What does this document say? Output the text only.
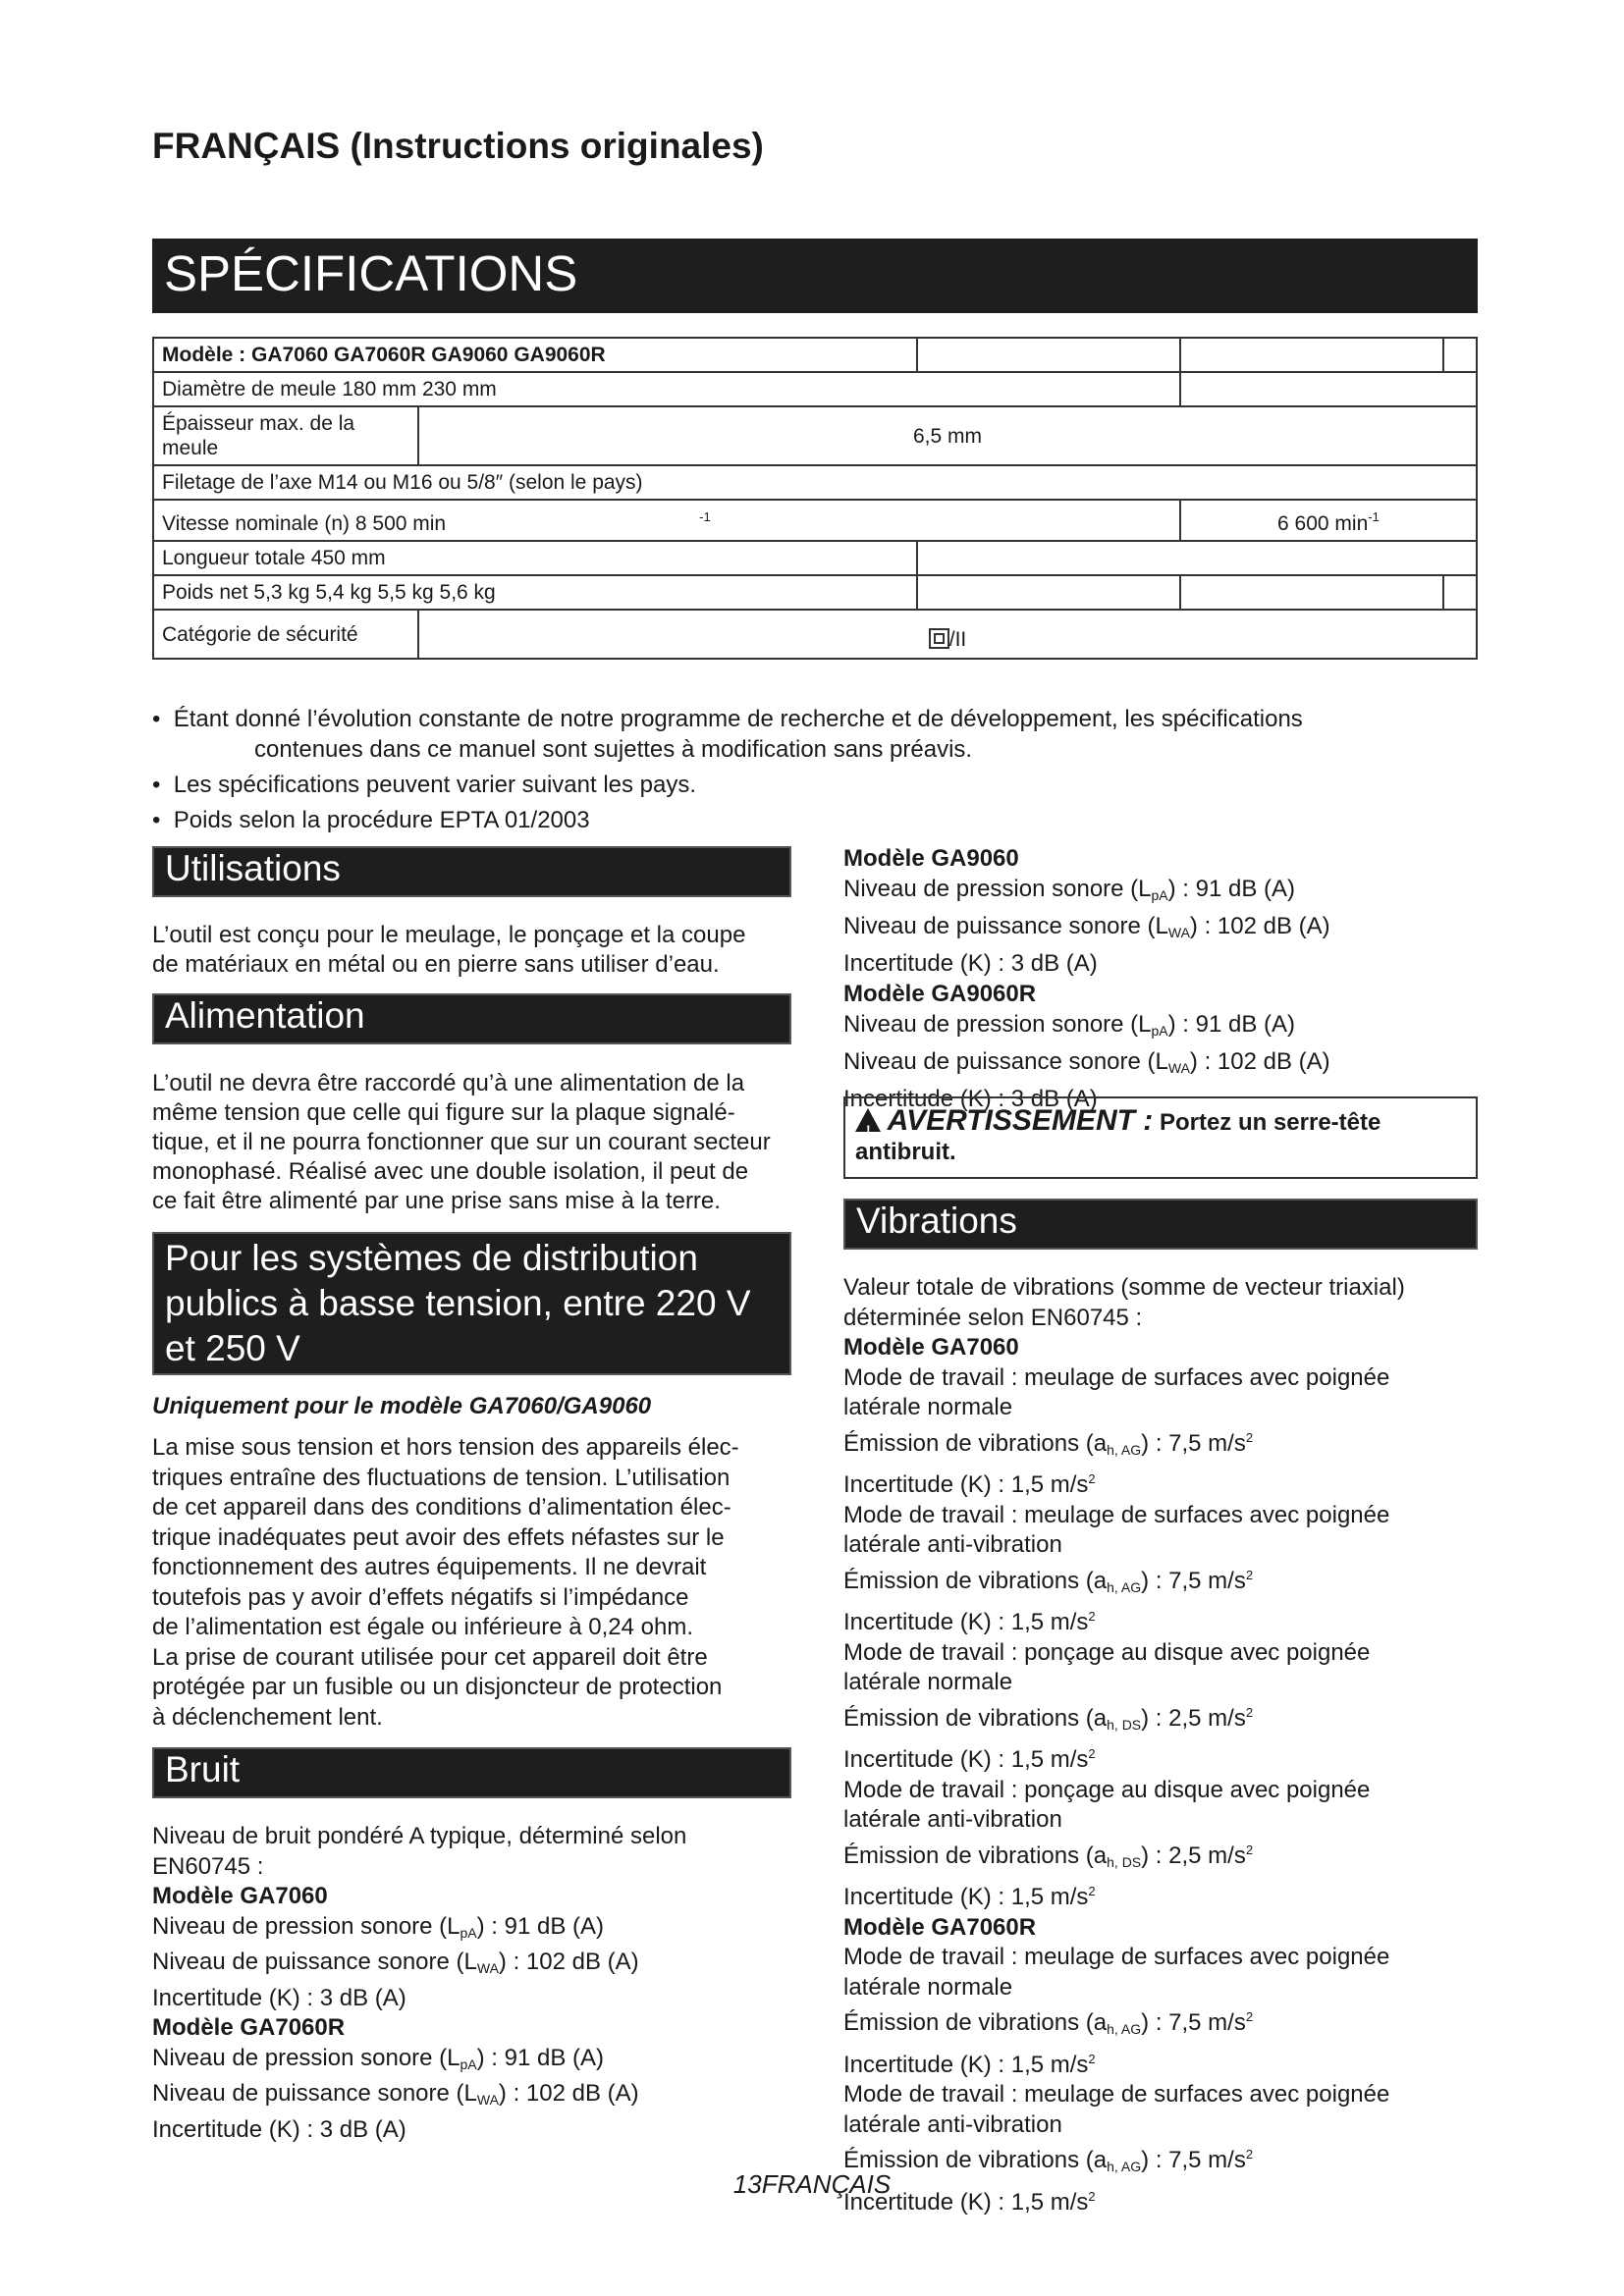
FRANÇAIS (Instructions originales)
SPÉCIFICATIONS
Modèle : GA7060 GA7060R GA9060 GA9060R				
Diamètre de meule 180 mm 230 mm				
Épaisseur max. de la meule	6,5 mm			
Filetage de l’axe M14 ou M16 ou 5/8″ (selon le pays)				
Vitesse nominale (n) 8 500 min $^{-1}$			6 600 $\min^{-1}$
Longueur totale 450 mm				
Poids net 5,3 kg 5,4 kg 5,5 kg 5,6 kg				
Catégorie de sécurité	/II			
•  Étant donné l’évolution constante de notre programme de recherche et de développement, les spécifications
contenues dans ce manuel sont sujettes à modification sans préavis.
•  Les spécifications peuvent varier suivant les pays.
•  Poids selon la procédure EPTA 01/2003
Utilisations
L’outil est conçu pour le meulage, le ponçage et la coupe
de matériaux en métal ou en pierre sans utiliser d’eau.
Alimentation
L’outil ne devra être raccordé qu’à une alimentation de la
même tension que celle qui figure sur la plaque signalé-
tique, et il ne pourra fonctionner que sur un courant secteur
monophasé. Réalisé avec une double isolation, il peut de
ce fait être alimenté par une prise sans mise à la terre.
Pour les systèmes de distribution
publics à basse tension, entre 220 V
et 250 V
Uniquement pour le modèle GA7060/GA9060
La mise sous tension et hors tension des appareils élec-
triques entraîne des fluctuations de tension. L’utilisation
de cet appareil dans des conditions d’alimentation élec-
trique inadéquates peut avoir des effets néfastes sur le
fonctionnement des autres équipements. Il ne devrait
toutefois pas y avoir d’effets négatifs si l’impédance
de l’alimentation est égale ou inférieure à 0,24 ohm.
La prise de courant utilisée pour cet appareil doit être
protégée par un fusible ou un disjoncteur de protection
à déclenchement lent.
Bruit
Niveau de bruit pondéré A typique, déterminé selon
EN60745 :
Modèle GA7060
Niveau de pression sonore $(L_{pA})$ : 91 dB (A)
Niveau de puissance sonore $(L_{WA})$ : 102 dB (A)
Incertitude (K) : 3 dB (A)
Modèle GA7060R
Niveau de pression sonore $(L_{pA})$ : 91 dB (A)
Niveau de puissance sonore $(L_{WA})$ : 102 dB (A)
Incertitude (K) : 3 dB (A)
Modèle GA9060
Niveau de pression sonore $(L_{pA})$ : 91 dB (A)
Niveau de puissance sonore $(L_{WA})$ : 102 dB (A)
Incertitude (K) : 3 dB (A)
Modèle GA9060R
Niveau de pression sonore $(L_{pA})$ : 91 dB (A)
Niveau de puissance sonore $(L_{WA})$ : 102 dB (A)
Incertitude (K) : 3 dB (A)
! AVERTISSEMENT : Portez un serre-tête
antibruit.
Vibrations
Valeur totale de vibrations (somme de vecteur triaxial)
déterminée selon EN60745 :
Modèle GA7060
Mode de travail : meulage de surfaces avec poignée
latérale normale
Émission de vibrations $(a_{h, AG})$ : 7,5 $m/s^2$
Incertitude (K) : 1,5 $m/s^2$
Mode de travail : meulage de surfaces avec poignée
latérale anti-vibration
Émission de vibrations $(a_{h, AG})$ : 7,5 $m/s^2$
Incertitude (K) : 1,5 $m/s^2$
Mode de travail : ponçage au disque avec poignée
latérale normale
Émission de vibrations $(a_{h, DS})$ : 2,5 $m/s^2$
Incertitude (K) : 1,5 $m/s^2$
Mode de travail : ponçage au disque avec poignée
latérale anti-vibration
Émission de vibrations $(a_{h, DS})$ : 2,5 $m/s^2$
Incertitude (K) : 1,5 $m/s^2$
Modèle GA7060R
Mode de travail : meulage de surfaces avec poignée
latérale normale
Émission de vibrations $(a_{h, AG})$ : 7,5 $m/s^2$
Incertitude (K) : 1,5 $m/s^2$
Mode de travail : meulage de surfaces avec poignée
latérale anti-vibration
Émission de vibrations $(a_{h, AG})$ : 7,5 $m/s^2$
Incertitude (K) : 1,5 $m/s^2$
13FRANÇAIS
